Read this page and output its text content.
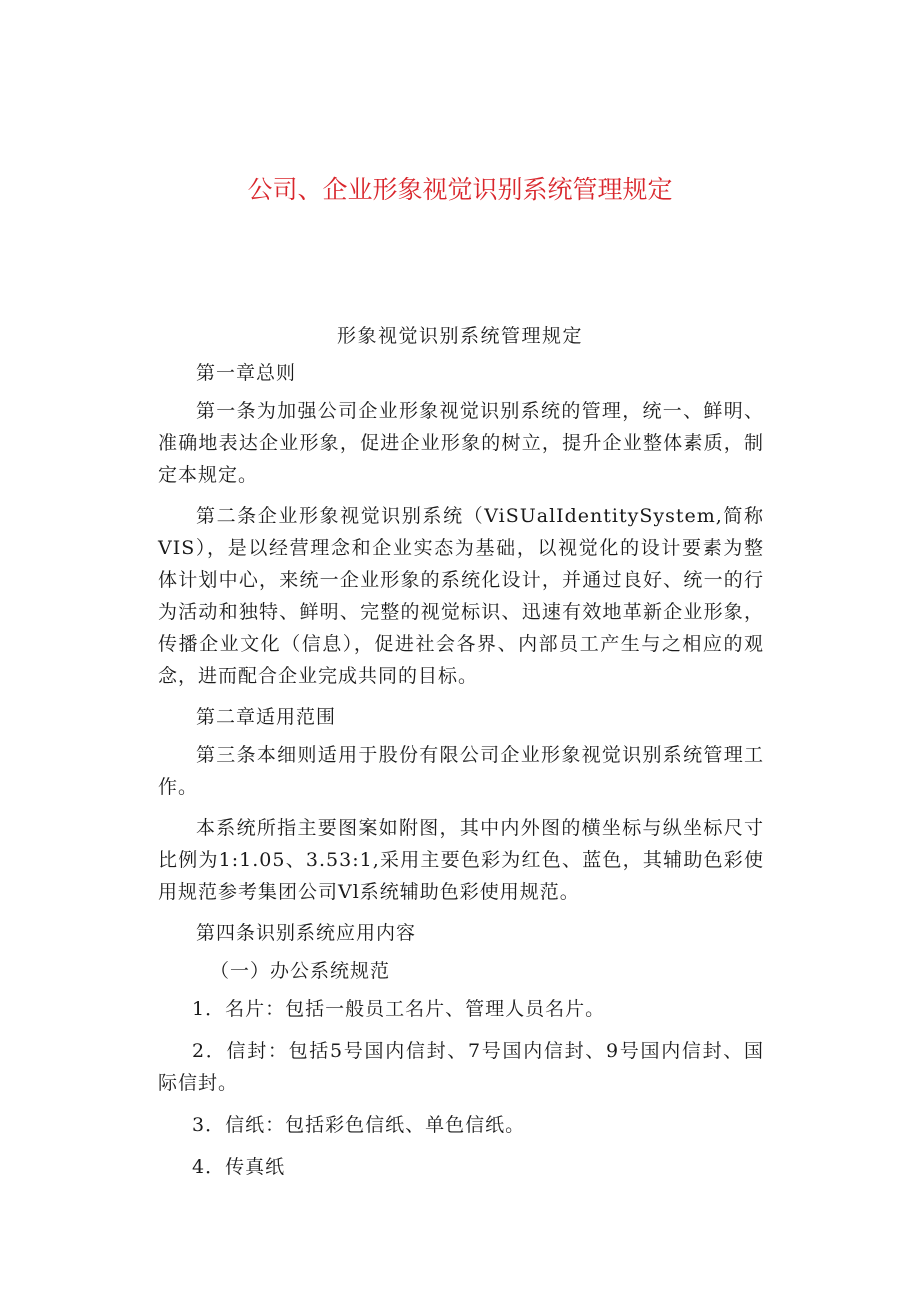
公司、企业形象视觉识别系统管理规定
形象视觉识别系统管理规定

第一章总则

第一条为加强公司企业形象视觉识别系统的管理，统一、鲜明、准确地表达企业形象，促进企业形象的树立，提升企业整体素质，制定本规定。

第二条企业形象视觉识别系统（ViSUalIdentitySystem,简称VIS），是以经营理念和企业实态为基础，以视觉化的设计要素为整体计划中心，来统一企业形象的系统化设计，并通过良好、统一的行为活动和独特、鲜明、完整的视觉标识、迅速有效地革新企业形象，传播企业文化（信息），促进社会各界、内部员工产生与之相应的观念，进而配合企业完成共同的目标。

第二章适用范围

第三条本细则适用于股份有限公司企业形象视觉识别系统管理工作。

本系统所指主要图案如附图，其中内外图的横坐标与纵坐标尺寸比例为1:1.05、3.53:1,采用主要色彩为红色、蓝色，其辅助色彩使用规范参考集团公司Vl系统辅助色彩使用规范。

第四条识别系统应用内容

（一）办公系统规范

1．名片：包括一般员工名片、管理人员名片。

2．信封：包括5号国内信封、7号国内信封、9号国内信封、国际信封。

3．信纸：包括彩色信纸、单色信纸。

4．传真纸
